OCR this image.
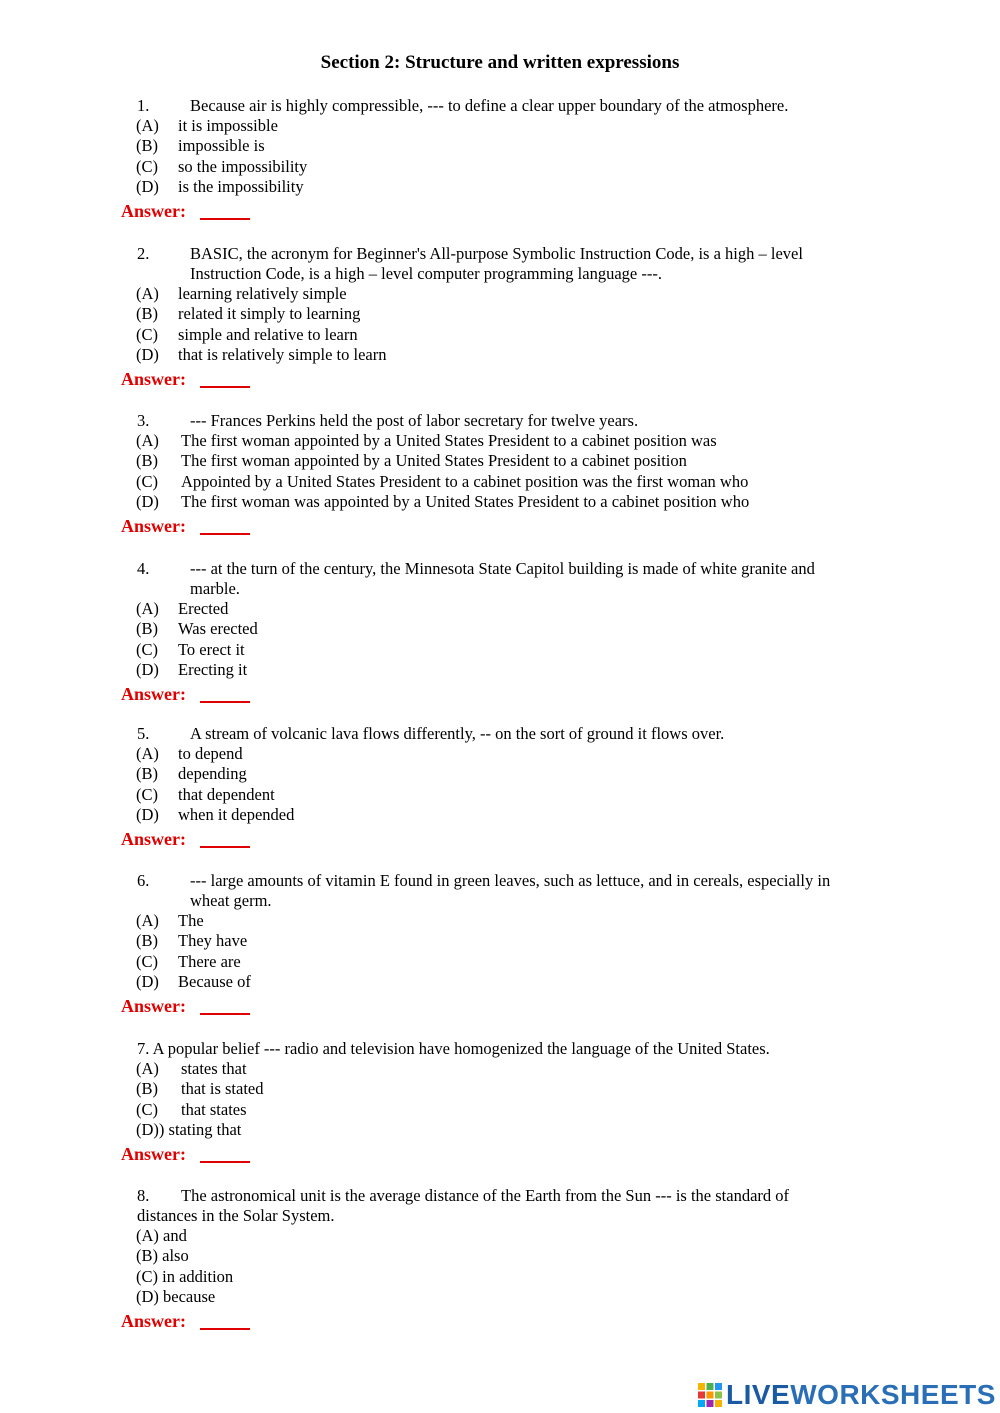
Section 2: Structure and written expressions
1. Because air is highly compressible, --- to define a clear upper boundary of the atmosphere.
(A) it is impossible
(B) impossible is
(C) so the impossibility
(D) is the impossibility
Answer:
2. BASIC, the acronym for Beginner's All-purpose Symbolic Instruction Code, is a high – level
Instruction Code, is a high – level computer programming language ---.
(A) learning relatively simple
(B) related it simply to learning
(C) simple and relative to learn
(D) that is relatively simple to learn
Answer:
3. --- Frances Perkins held the post of labor secretary for twelve years.
(A) The first woman appointed by a United States President to a cabinet position was
(B) The first woman appointed by a United States President to a cabinet position
(C) Appointed by a United States President to a cabinet position was the first woman who
(D) The first woman was appointed by a United States President to a cabinet position who
Answer:
4. --- at the turn of the century, the Minnesota State Capitol building is made of white granite and
marble.
(A) Erected
(B) Was erected
(C) To erect it
(D) Erecting it
Answer:
5. A stream of volcanic lava flows differently, -- on the sort of ground it flows over.
(A) to depend
(B) depending
(C) that dependent
(D) when it depended
Answer:
6. --- large amounts of vitamin E found in green leaves, such as lettuce, and in cereals, especially in
wheat germ.
(A) The
(B) They have
(C) There are
(D) Because of
Answer:
7. A popular belief --- radio and television have homogenized the language of the United States.
(A) states that
(B) that is stated
(C) that states
(D)) stating that
Answer:
8. The astronomical unit is the average distance of the Earth from the Sun --- is the standard of
distances in the Solar System.
(A) and
(B) also
(C) in addition
(D) because
Answer:
LIVEWORKSHEETS
